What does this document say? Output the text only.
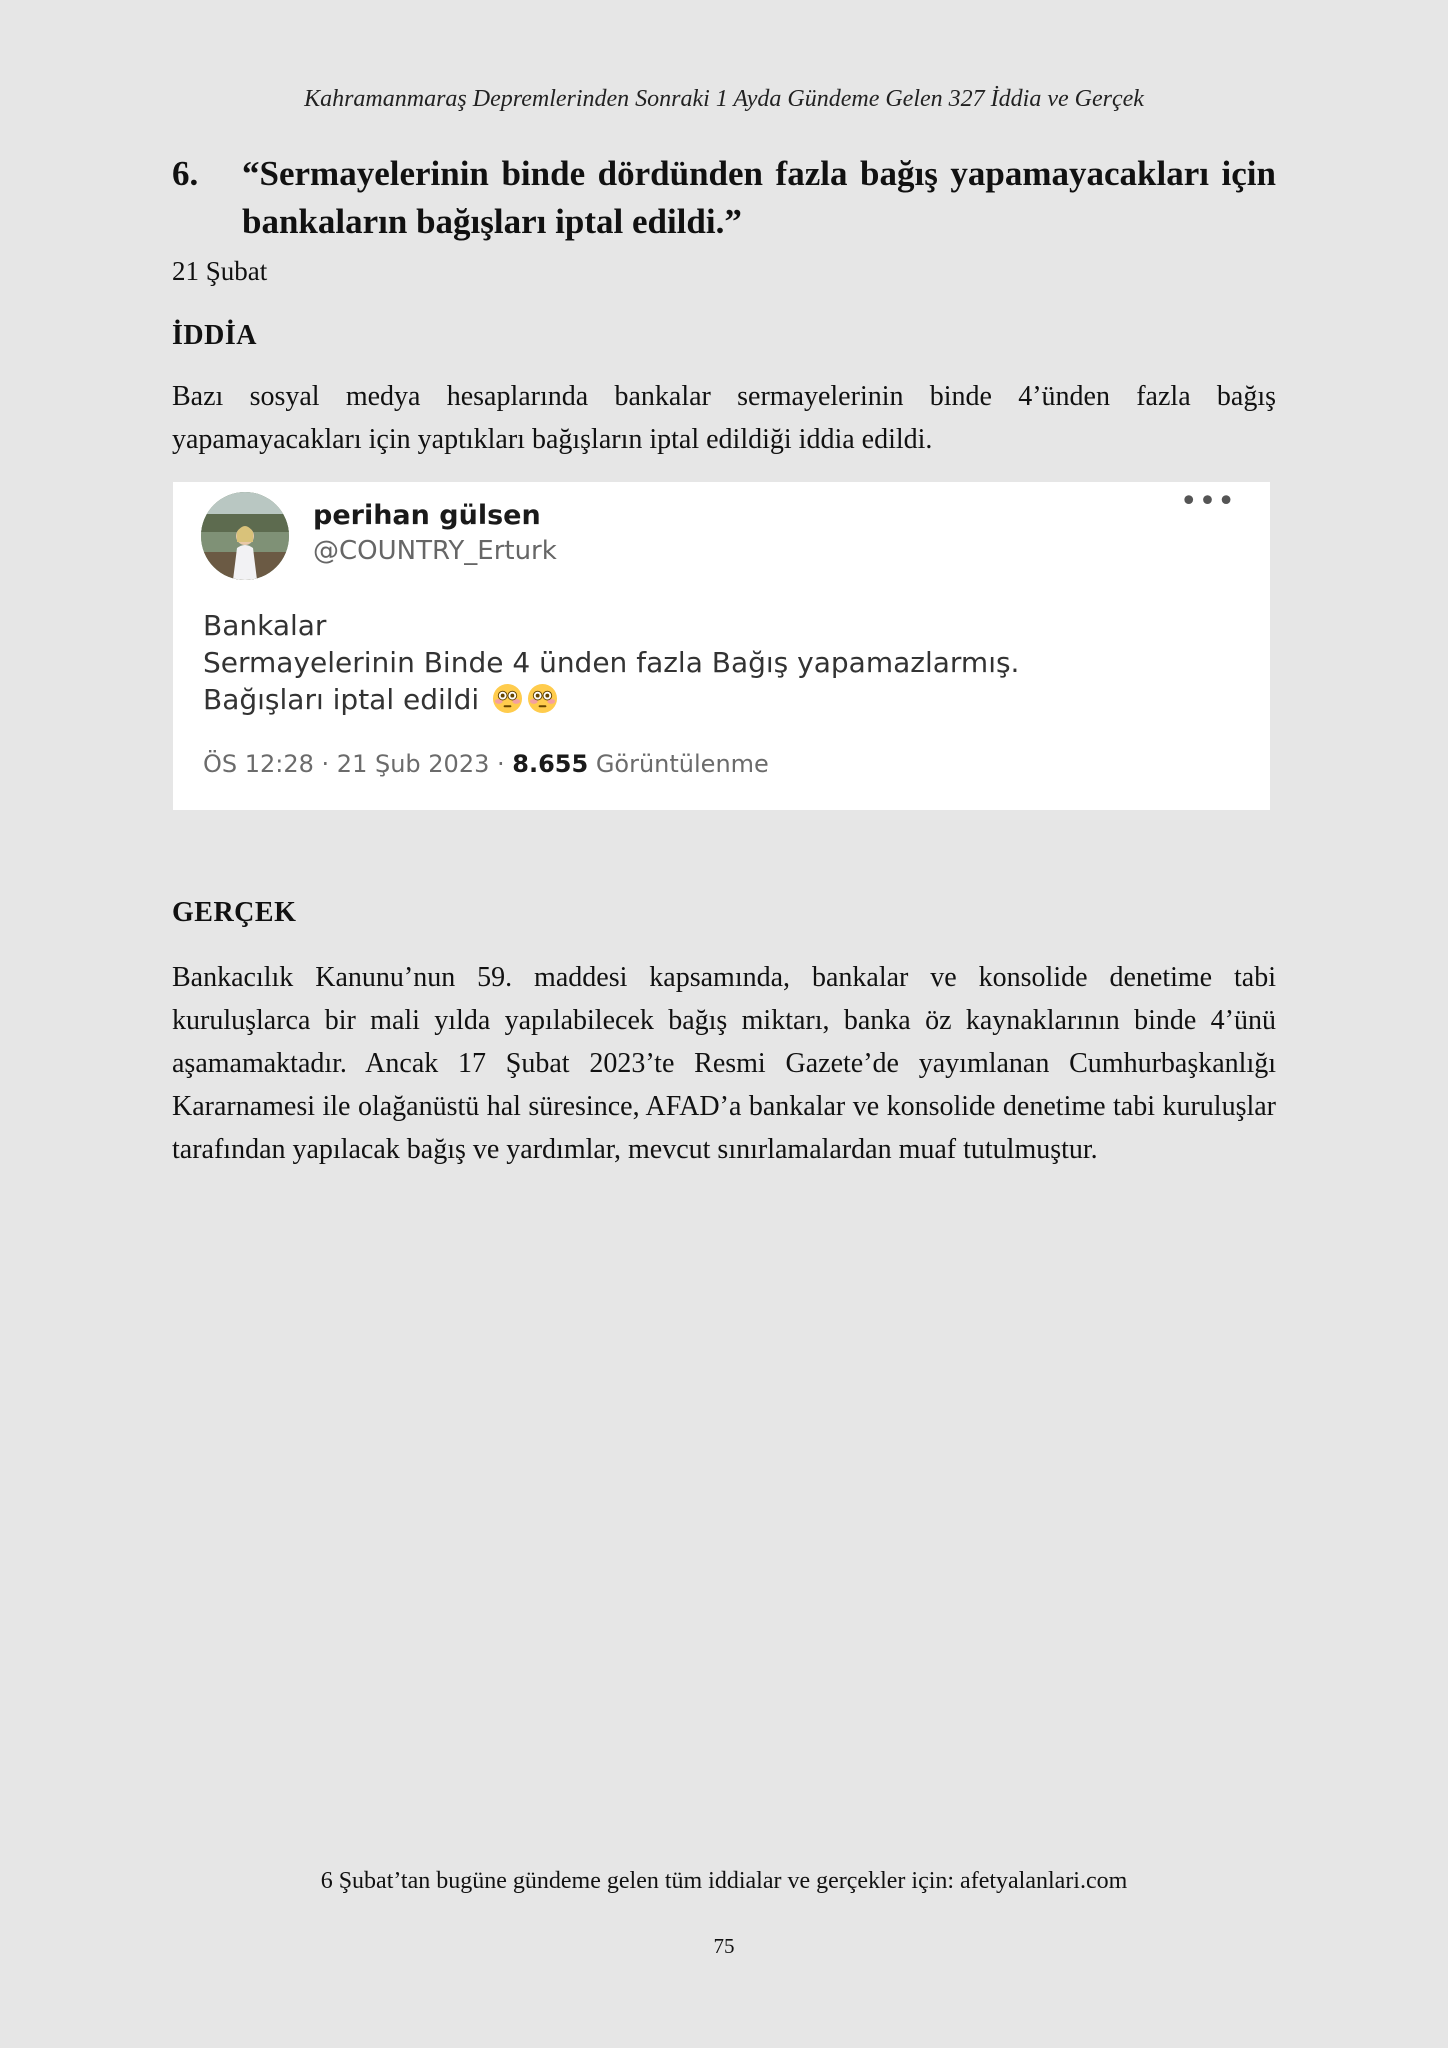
Kahramanmaraş Depremlerinden Sonraki 1 Ayda Gündeme Gelen 327 İddia ve Gerçek
6. “Sermayelerinin binde dördünden fazla bağış yapamayacakları için bankaların bağışları iptal edildi.”
21 Şubat
İDDİA
Bazı sosyal medya hesaplarında bankalar sermayelerinin binde 4’ünden fazla bağış yapamayacakları için yaptıkları bağışların iptal edildiği iddia edildi.
perihan gülsen
@COUNTRY_Erturk
•••
Bankalar
Sermayelerinin Binde 4 ünden fazla Bağış yapamazlarmış.
Bağışları iptal edildi
ÖS 12:28 · 21 Şub 2023 · 8.655 Görüntülenme
GERÇEK
Bankacılık Kanunu’nun 59. maddesi kapsamında, bankalar ve konsolide denetime tabi kuruluşlarca bir mali yılda yapılabilecek bağış miktarı, banka öz kaynaklarının binde 4’ünü aşamamaktadır. Ancak 17 Şubat 2023’te Resmi Gazete’de yayımlanan Cumhurbaşkanlığı Kararnamesi ile olağanüstü hal süresince, AFAD’a bankalar ve konsolide denetime tabi kuruluşlar tarafından yapılacak bağış ve yardımlar, mevcut sınırlamalardan muaf tutulmuştur.
6 Şubat’tan bugüne gündeme gelen tüm iddialar ve gerçekler için: afetyalanlari.com
75
